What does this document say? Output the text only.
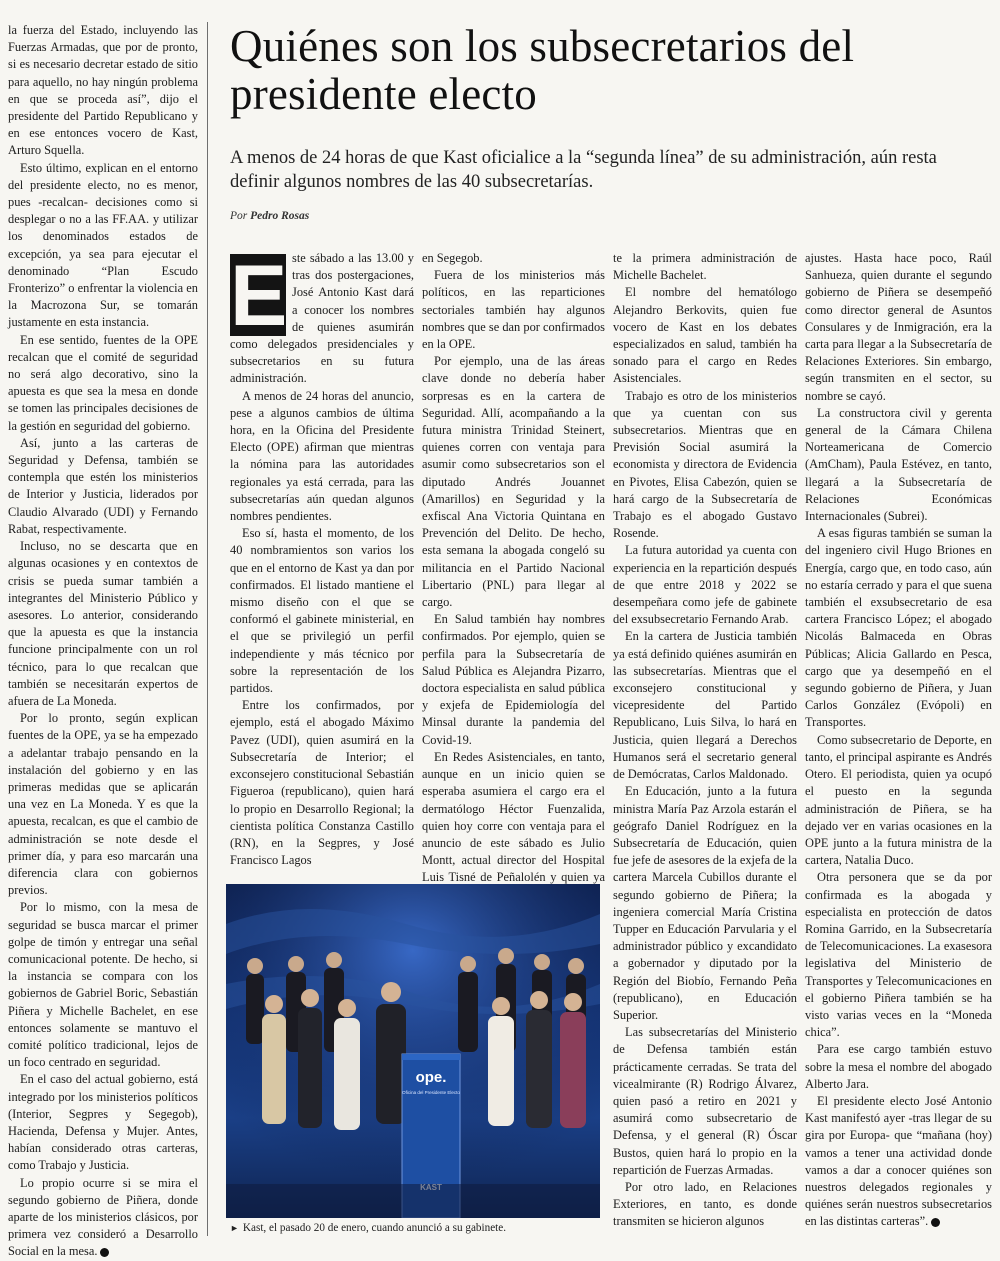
la fuerza del Estado, incluyendo las Fuerzas Armadas, que por de pronto, si es necesario decretar estado de sitio para aquello, no hay ningún problema en que se proceda así”, dijo el presidente del Partido Republicano y en ese entonces vocero de Kast, Arturo Squella.

Esto último, explican en el entorno del presidente electo, no es menor, pues -recalcan- decisiones como si desplegar o no a las FF.AA. y utilizar los denominados estados de excepción, ya sea para ejecutar el denominado “Plan Escudo Fronterizo” o enfrentar la violencia en la Macrozona Sur, se tomarán justamente en esta instancia.

En ese sentido, fuentes de la OPE recalcan que el comité de seguridad no será algo decorativo, sino la apuesta es que sea la mesa en donde se tomen las principales decisiones de la gestión en seguridad del gobierno.

Así, junto a las carteras de Seguridad y Defensa, también se contempla que estén los ministerios de Interior y Justicia, liderados por Claudio Alvarado (UDI) y Fernando Rabat, respectivamente.

Incluso, no se descarta que en algunas ocasiones y en contextos de crisis se pueda sumar también a integrantes del Ministerio Público y asesores. Lo anterior, considerando que la apuesta es que la instancia funcione principalmente con un rol técnico, para lo que recalcan que también se necesitarán expertos de afuera de La Moneda.

Por lo pronto, según explican fuentes de la OPE, ya se ha empezado a adelantar trabajo pensando en la instalación del gobierno y en las primeras medidas que se aplicarán una vez en La Moneda. Y es que la apuesta, recalcan, es que el cambio de administración se note desde el primer día, y para eso marcarán una diferencia clara con gobiernos previos.

Por lo mismo, con la mesa de seguridad se busca marcar el primer golpe de timón y entregar una señal comunicacional potente. De hecho, si la instancia se compara con los gobiernos de Gabriel Boric, Sebastián Piñera y Michelle Bachelet, en ese entonces solamente se mantuvo el comité político tradicional, lejos de un foco centrado en seguridad.

En el caso del actual gobierno, está integrado por los ministerios políticos (Interior, Segpres y Segegob), Hacienda, Defensa y Mujer. Antes, habían considerado otras carteras, como Trabajo y Justicia.

Lo propio ocurre si se mira el segundo gobierno de Piñera, donde aparte de los ministerios clásicos, por primera vez consideró a Desarrollo Social en la mesa.

Quiénes son los subsecretarios del presidente electo

A menos de 24 horas de que Kast oficialice a la “segunda línea” de su administración, aún resta definir algunos nombres de las 40 subsecretarías.

Por Pedro Rosas

E ste sábado a las 13.00 y tras dos postergaciones, José Antonio Kast dará a conocer los nombres de quienes asumirán como delegados presidenciales y subsecretarios en su futura administración.

A menos de 24 horas del anuncio, pese a algunos cambios de última hora, en la Oficina del Presidente Electo (OPE) afirman que mientras la nómina para las autoridades regionales ya está cerrada, para las subsecretarías aún quedan algunos nombres pendientes.

Eso sí, hasta el momento, de los 40 nombramientos son varios los que en el entorno de Kast ya dan por confirmados. El listado mantiene el mismo diseño con el que se conformó el gabinete ministerial, en el que se privilegió un perfil independiente y más técnico por sobre la representación de los partidos.

Entre los confirmados, por ejemplo, está el abogado Máximo Pavez (UDI), quien asumirá en la Subsecretaría de Interior; el exconsejero constitucional Sebastián Figueroa (republicano), quien hará lo propio en Desarrollo Regional; la cientista política Constanza Castillo (RN), en la Segpres, y José Francisco Lagos

en Segegob.

Fuera de los ministerios más políticos, en las reparticiones sectoriales también hay algunos nombres que se dan por confirmados en la OPE.

Por ejemplo, una de las áreas clave donde no debería haber sorpresas es en la cartera de Seguridad. Allí, acompañando a la futura ministra Trinidad Steinert, quienes corren con ventaja para asumir como subsecretarios son el diputado Andrés Jouannet (Amarillos) en Seguridad y la exfiscal Ana Victoria Quintana en Prevención del Delito. De hecho, esta semana la abogada congeló su militancia en el Partido Nacional Libertario (PNL) para llegar al cargo.

En Salud también hay nombres confirmados. Por ejemplo, quien se perfila para la Subsecretaría de Salud Pública es Alejandra Pizarro, doctora especialista en salud pública y exjefa de Epidemiología del Minsal durante la pandemia del Covid-19.

En Redes Asistenciales, en tanto, aunque en un inicio quien se esperaba asumiera el cargo era el dermatólogo Héctor Fuenzalida, quien hoy corre con ventaja para el anuncio de este sábado es Julio Montt, actual director del Hospital Luis Tisné de Peñalolén y quien ya

te la primera administración de Michelle Bachelet.

El nombre del hematólogo Alejandro Berkovits, quien fue vocero de Kast en los debates especializados en salud, también ha sonado para el cargo en Redes Asistenciales.

Trabajo es otro de los ministerios que ya cuentan con sus subsecretarios. Mientras que en Previsión Social asumirá la economista y directora de Evidencia en Pivotes, Elisa Cabezón, quien se hará cargo de la Subsecretaría de Trabajo es el abogado Gustavo Rosende.

La futura autoridad ya cuenta con experiencia en la repartición después de que entre 2018 y 2022 se desempeñara como jefe de gabinete del exsubsecretario Fernando Arab.

En la cartera de Justicia también ya está definido quiénes asumirán en las subsecretarías. Mientras que el exconsejero constitucional y vicepresidente del Partido Republicano, Luis Silva, lo hará en Justicia, quien llegará a Derechos Humanos será el secretario general de Demócratas, Carlos Maldonado.

En Educación, junto a la futura ministra María Paz Arzola estarán el geógrafo Daniel Rodríguez en la Subsecretaría de Educación, quien fue jefe de asesores de la exjefa de la cartera Marcela Cubillos durante el segundo gobierno de Piñera; la ingeniera comercial María Cristina Tupper en Educación Parvularia y el administrador público y excandidato a gobernador y diputado por la Región del Biobío, Fernando Peña (republicano), en Educación Superior.

Las subsecretarías del Ministerio de Defensa también están prácticamente cerradas. Se trata del vicealmirante (R) Rodrigo Álvarez, quien pasó a retiro en 2021 y asumirá como subsecretario de Defensa, y el general (R) Óscar Bustos, quien hará lo propio en la repartición de Fuerzas Armadas.

Por otro lado, en Relaciones Exteriores, en tanto, es donde transmiten se hicieron algunos

ajustes. Hasta hace poco, Raúl Sanhueza, quien durante el segundo gobierno de Piñera se desempeñó como director general de Asuntos Consulares y de Inmigración, era la carta para llegar a la Subsecretaría de Relaciones Exteriores. Sin embargo, según transmiten en el sector, su nombre se cayó.

La constructora civil y gerenta general de la Cámara Chilena Norteamericana de Comercio (AmCham), Paula Estévez, en tanto, llegará a la Subsecretaría de Relaciones Económicas Internacionales (Subrei).

A esas figuras también se suman la del ingeniero civil Hugo Briones en Energía, cargo que, en todo caso, aún no estaría cerrado y para el que suena también el exsubsecretario de esa cartera Francisco López; el abogado Nicolás Balmaceda en Obras Públicas; Alicia Gallardo en Pesca, cargo que ya desempeñó en el segundo gobierno de Piñera, y Juan Carlos González (Evópoli) en Transportes.

Como subsecretario de Deporte, en tanto, el principal aspirante es Andrés Otero. El periodista, quien ya ocupó el puesto en la segunda administración de Piñera, se ha dejado ver en varias ocasiones en la OPE junto a la futura ministra de la cartera, Natalia Duco.

Otra personera que se da por confirmada es la abogada y especialista en protección de datos Romina Garrido, en la Subsecretaría de Telecomunicaciones. La exasesora legislativa del Ministerio de Transportes y Telecomunicaciones en el gobierno Piñera también se ha visto varias veces en la “Moneda chica”.

Para ese cargo también estuvo sobre la mesa el nombre del abogado Alberto Jara.

El presidente electo José Antonio Kast manifestó ayer -tras llegar de su gira por Europa- que “mañana (hoy) vamos a tener una actividad donde vamos a dar a conocer quiénes son nuestros delegados regionales y quiénes serán nuestros subsecretarios en las distintas carteras”.

ope.
Oficina del Presidente Electo
► Kast, el pasado 20 de enero, cuando anunció a su gabinete.
